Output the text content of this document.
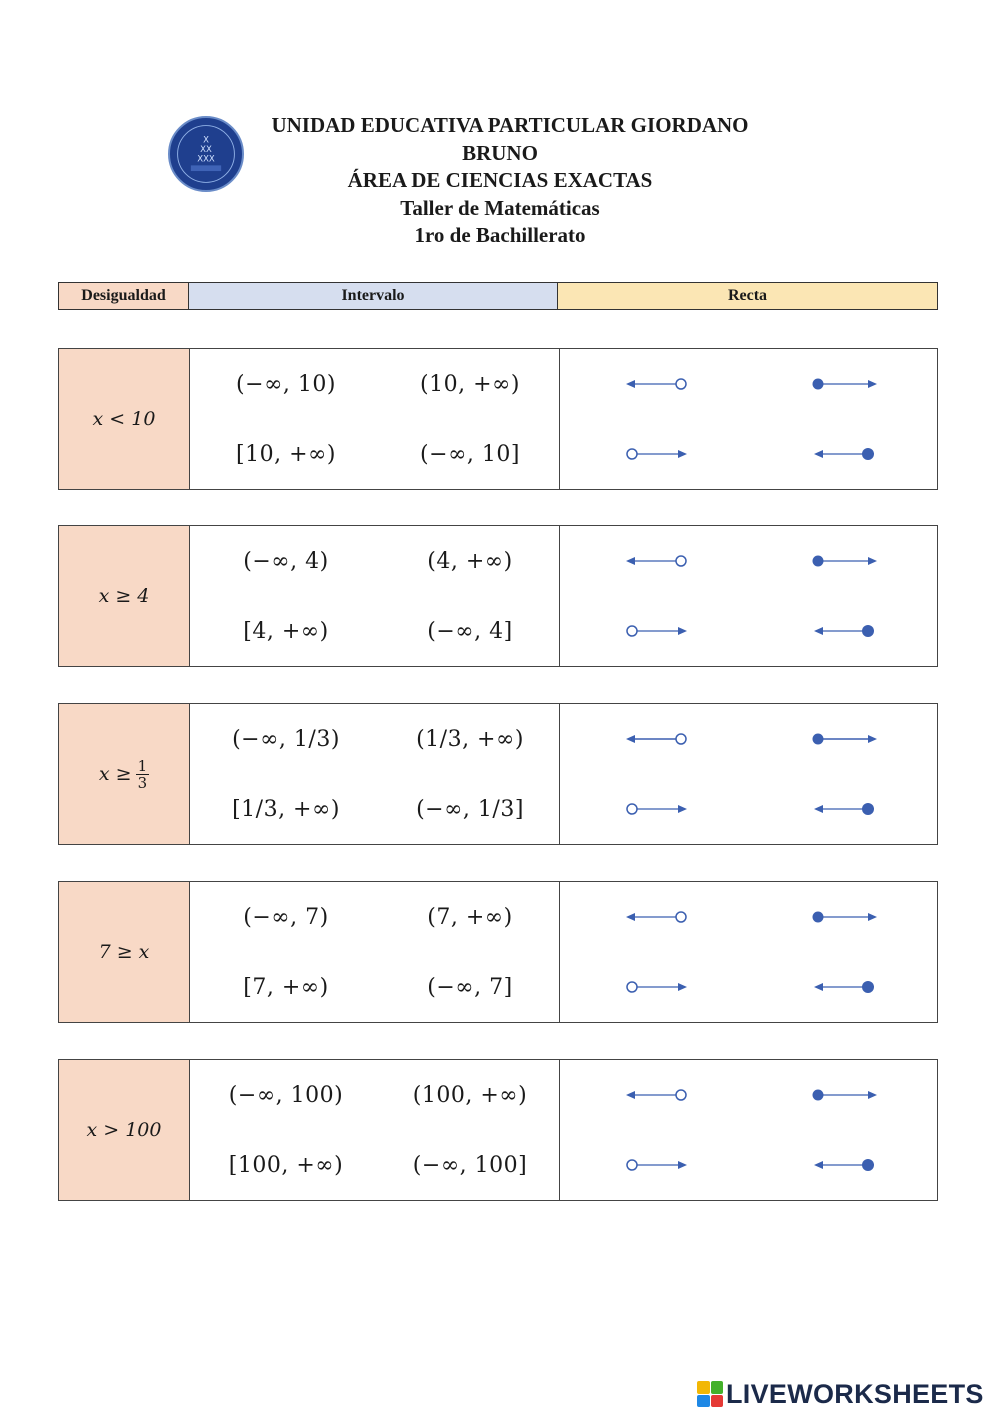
X
XX
XXX
UNIDAD EDUCATIVA PARTICULAR GIORDANO
BRUNO
ÁREA DE CIENCIAS EXACTAS
Taller de Matemáticas
1ro de Bachillerato
Desigualdad	Intervalo	Recta
x < 10
(−∞, 10)	(10, +∞)
[10, +∞)	(−∞, 10]
x ≥ 4
(−∞, 4)	(4, +∞)
[4, +∞)	(−∞, 4]
$x \ge \frac{1}{3}$
(−∞, 1/3)	(1/3, +∞)
[1/3, +∞)	(−∞, 1/3]
7 ≥ x
(−∞, 7)	(7, +∞)
[7, +∞)	(−∞, 7]
x > 100
(−∞, 100)	(100, +∞)
[100, +∞)	(−∞, 100]
LIVEWORKSHEETS
